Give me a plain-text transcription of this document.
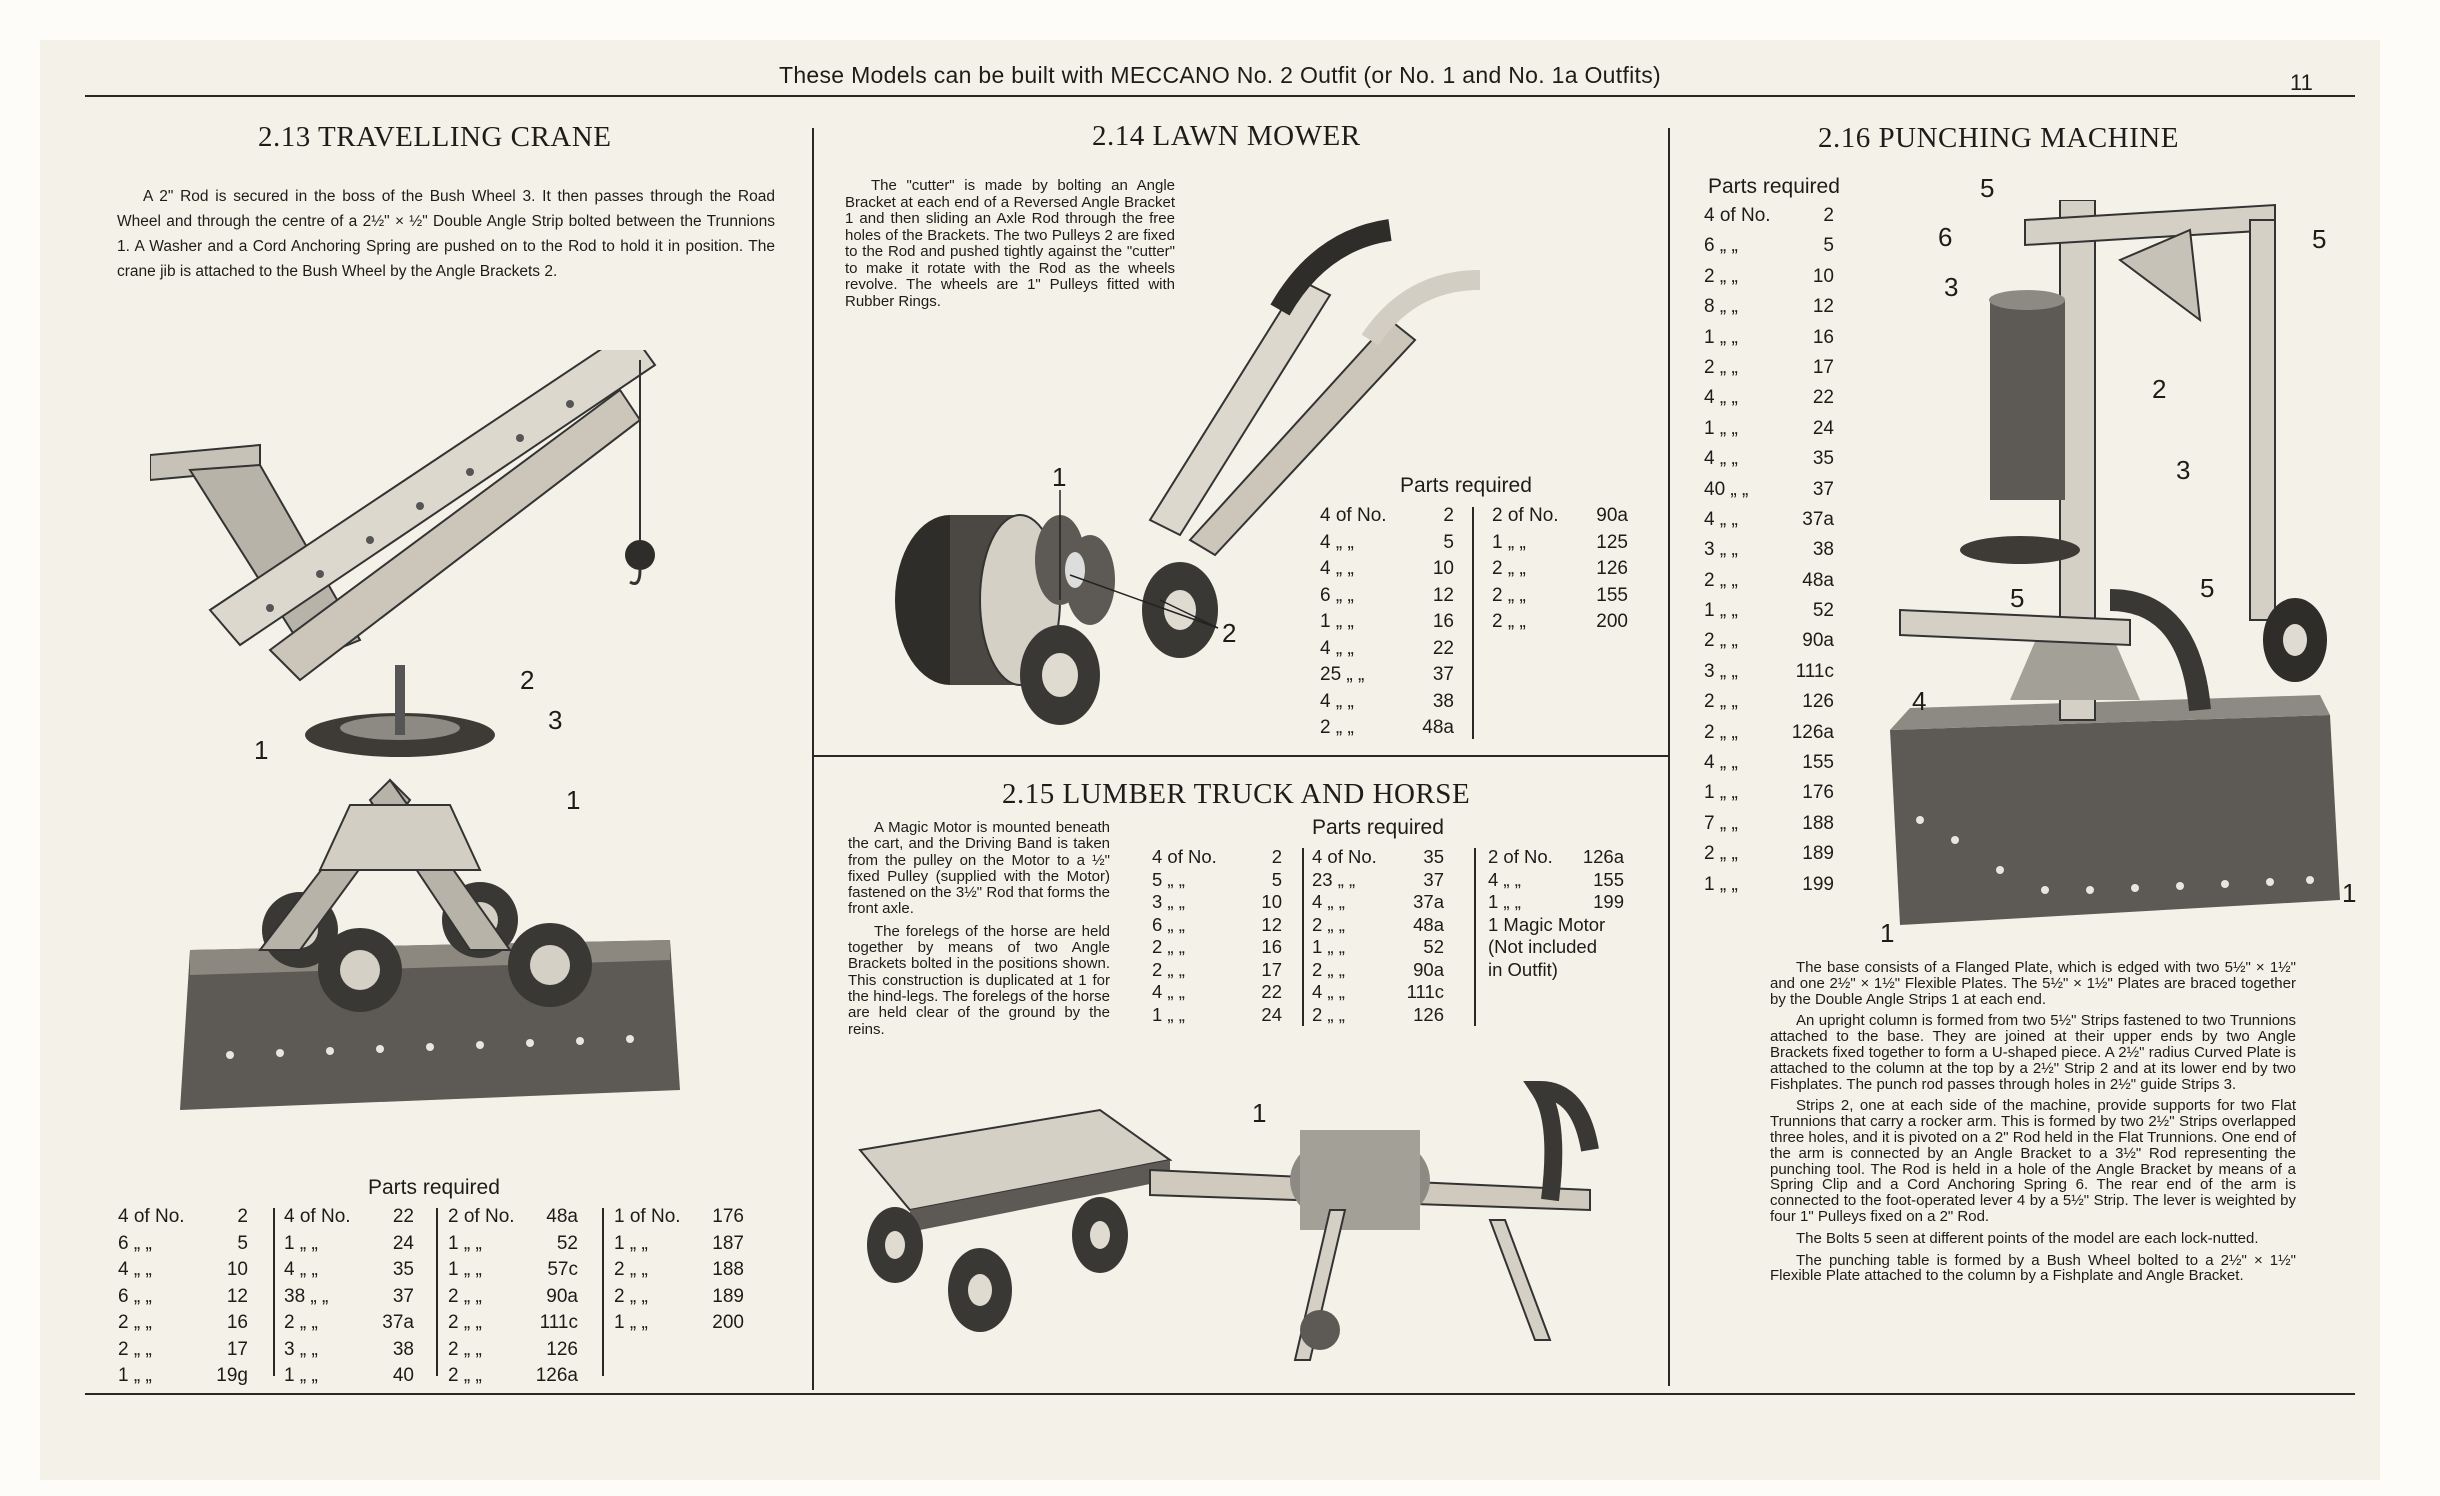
These Models can be built with MECCANO No. 2 Outfit (or No. 1 and No. 1a Outfits)	11
2.13 TRAVELLING CRANE

A 2" Rod is secured in the boss of the Bush Wheel 3. It then passes through the Road Wheel and through the centre of a 2½" × ½" Double Angle Strip bolted between the Trunnions 1. A Washer and a Cord Anchoring Spring are pushed on to the Rod to hold it in position. The crane jib is attached to the Bush Wheel by the Angle Brackets 2.

1
1
2
3
Parts required
4 of No.	2
6 „ „	5
4 „ „	10
6 „ „	12
2 „ „	16
2 „ „	17
1 „ „	19g
4 of No.	22
1 „ „	24
4 „ „	35
38 „ „	37
2 „ „	37a
3 „ „	38
1 „ „	40
2 of No.	48a
1 „ „	52
1 „ „	57c
2 „ „	90a
2 „ „	111c
2 „ „	126
2 „ „	126a
1 of No.	176
1 „ „	187
2 „ „	188
2 „ „	189
1 „ „	200
2.14 LAWN MOWER

The "cutter" is made by bolting an Angle Bracket at each end of a Reversed Angle Bracket 1 and then sliding an Axle Rod through the free holes of the Brackets. The two Pulleys 2 are fixed to the Rod and pushed tightly against the "cutter" to make it rotate with the Rod as the wheels revolve. The wheels are 1" Pulleys fitted with Rubber Rings.

1
2
Parts required
4 of No.	2
4 „ „	5
4 „ „	10
6 „ „	12
1 „ „	16
4 „ „	22
25 „ „	37
4 „ „	38
2 „ „	48a
2 of No.	90a
1 „ „	125
2 „ „	126
2 „ „	155
2 „ „	200
2.15 LUMBER TRUCK AND HORSE

A Magic Motor is mounted beneath the cart, and the Driving Band is taken from the pulley on the Motor to a ½" fixed Pulley (supplied with the Motor) fastened on the 3½" Rod that forms the front axle.

The forelegs of the horse are held together by means of two Angle Brackets bolted in the positions shown. This construction is duplicated at 1 for the hind-legs. The forelegs of the horse are held clear of the ground by the reins.

Parts required
4 of No.	2
5 „ „	5
3 „ „	10
6 „ „	12
2 „ „	16
2 „ „	17
4 „ „	22
1 „ „	24
4 of No.	35
23 „ „	37
4 „ „	37a
2 „ „	48a
1 „ „	52
2 „ „	90a
4 „ „	111c
2 „ „	126
2 of No.	126a
4 „ „	155
1 „ „	199
1 Magic Motor
(Not included
in Outfit)
1
2.16 PUNCHING MACHINE
Parts required
4 of No.	2
6 „ „	5
2 „ „	10
8 „ „	12
1 „ „	16
2 „ „	17
4 „ „	22
1 „ „	24
4 „ „	35
40 „ „	37
4 „ „	37a
3 „ „	38
2 „ „	48a
1 „ „	52
2 „ „	90a
3 „ „	111c
2 „ „	126
2 „ „	126a
4 „ „	155
1 „ „	176
7 „ „	188
2 „ „	189
1 „ „	199
5
6	5
3
2
3
5	5
4
1
1

The base consists of a Flanged Plate, which is edged with two 5½" × 1½" and one 2½" × 1½" Flexible Plates. The 5½" × 1½" Plates are braced together by the Double Angle Strips 1 at each end.

An upright column is formed from two 5½" Strips fastened to two Trunnions attached to the base. They are joined at their upper ends by two Angle Brackets fixed together to form a U-shaped piece. A 2½" radius Curved Plate is attached to the column at the top by a 2½" Strip 2 and at its lower end by two Fishplates. The punch rod passes through holes in 2½" guide Strips 3.

Strips 2, one at each side of the machine, provide supports for two Flat Trunnions that carry a rocker arm. This is formed by two 2½" Strips overlapped three holes, and it is pivoted on a 2" Rod held in the Flat Trunnions. One end of the arm is connected by an Angle Bracket to a 3½" Rod representing the punching tool. The Rod is held in a hole of the Angle Bracket by means of a Spring Clip and a Cord Anchoring Spring 6. The rear end of the arm is connected to the foot-operated lever 4 by a 5½" Strip. The lever is weighted by four 1" Pulleys fixed on a 2" Rod.

The Bolts 5 seen at different points of the model are each lock-nutted.

The punching table is formed by a Bush Wheel bolted to a 2½" × 1½" Flexible Plate attached to the column by a Fishplate and Angle Bracket.
